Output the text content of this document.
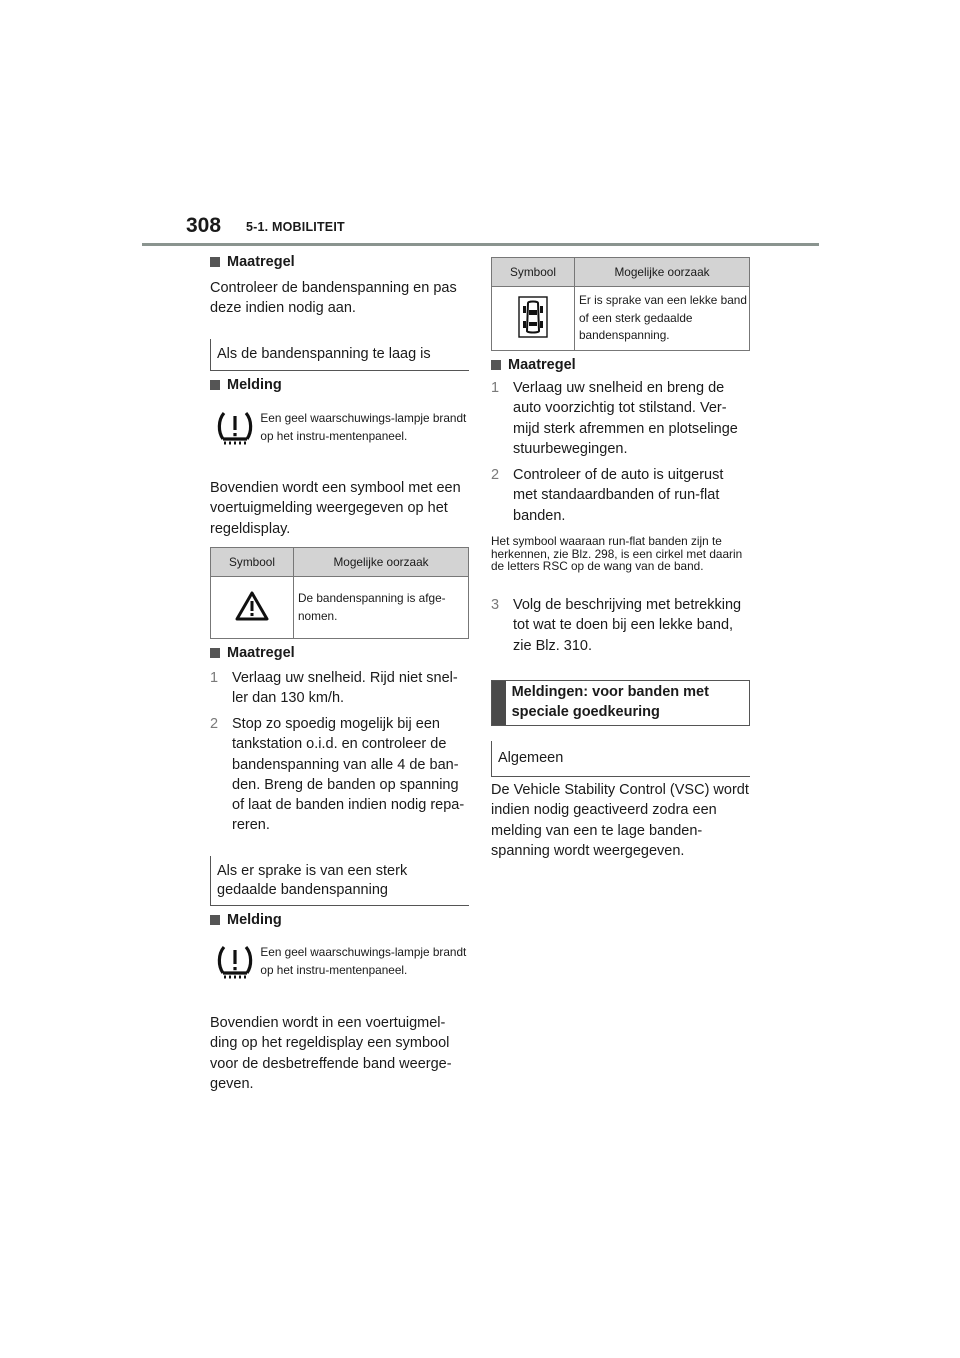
308 5-1. MOBILITEIT
Maatregel
Controleer de bandenspanning en pas deze indien nodig aan.
Als de bandenspanning te laag is
Melding
Een geel waarschuwings-lampje brandt op het instru-mentenpaneel.
Bovendien wordt een symbool met een voertuigmelding weergegeven op het regeldisplay.
Symbool	Mogelijke oorzaak
	De bandenspanning is afge-nomen.
Maatregel
1 Verlaag uw snelheid. Rijd niet snel-ler dan 130 km/h.
2 Stop zo spoedig mogelijk bij een tankstation o.i.d. en controleer de bandenspanning van alle 4 de ban-den. Breng de banden op spanning of laat de banden indien nodig repa-reren.
Als er sprake is van een sterk gedaalde bandenspanning
Melding
Een geel waarschuwings-lampje brandt op het instru-mentenpaneel.
Bovendien wordt in een voertuigmel-ding op het regeldisplay een symbool voor de desbetreffende band weerge-geven.
Symbool	Mogelijke oorzaak
	Er is sprake van een lekke band of een sterk gedaalde bandenspanning.
Maatregel
1 Verlaag uw snelheid en breng de auto voorzichtig tot stilstand. Ver-mijd sterk afremmen en plotselinge stuurbewegingen.
2 Controleer of de auto is uitgerust met standaardbanden of run-flat banden.
Het symbool waaraan run-flat banden zijn te herkennen, zie Blz. 298, is een cirkel met daarin de letters RSC op de wang van de band.
3 Volg de beschrijving met betrekking tot wat te doen bij een lekke band, zie Blz. 310.
Meldingen: voor banden met speciale goedkeuring
Algemeen
De Vehicle Stability Control (VSC) wordt indien nodig geactiveerd zodra een melding van een te lage banden-spanning wordt weergegeven.
